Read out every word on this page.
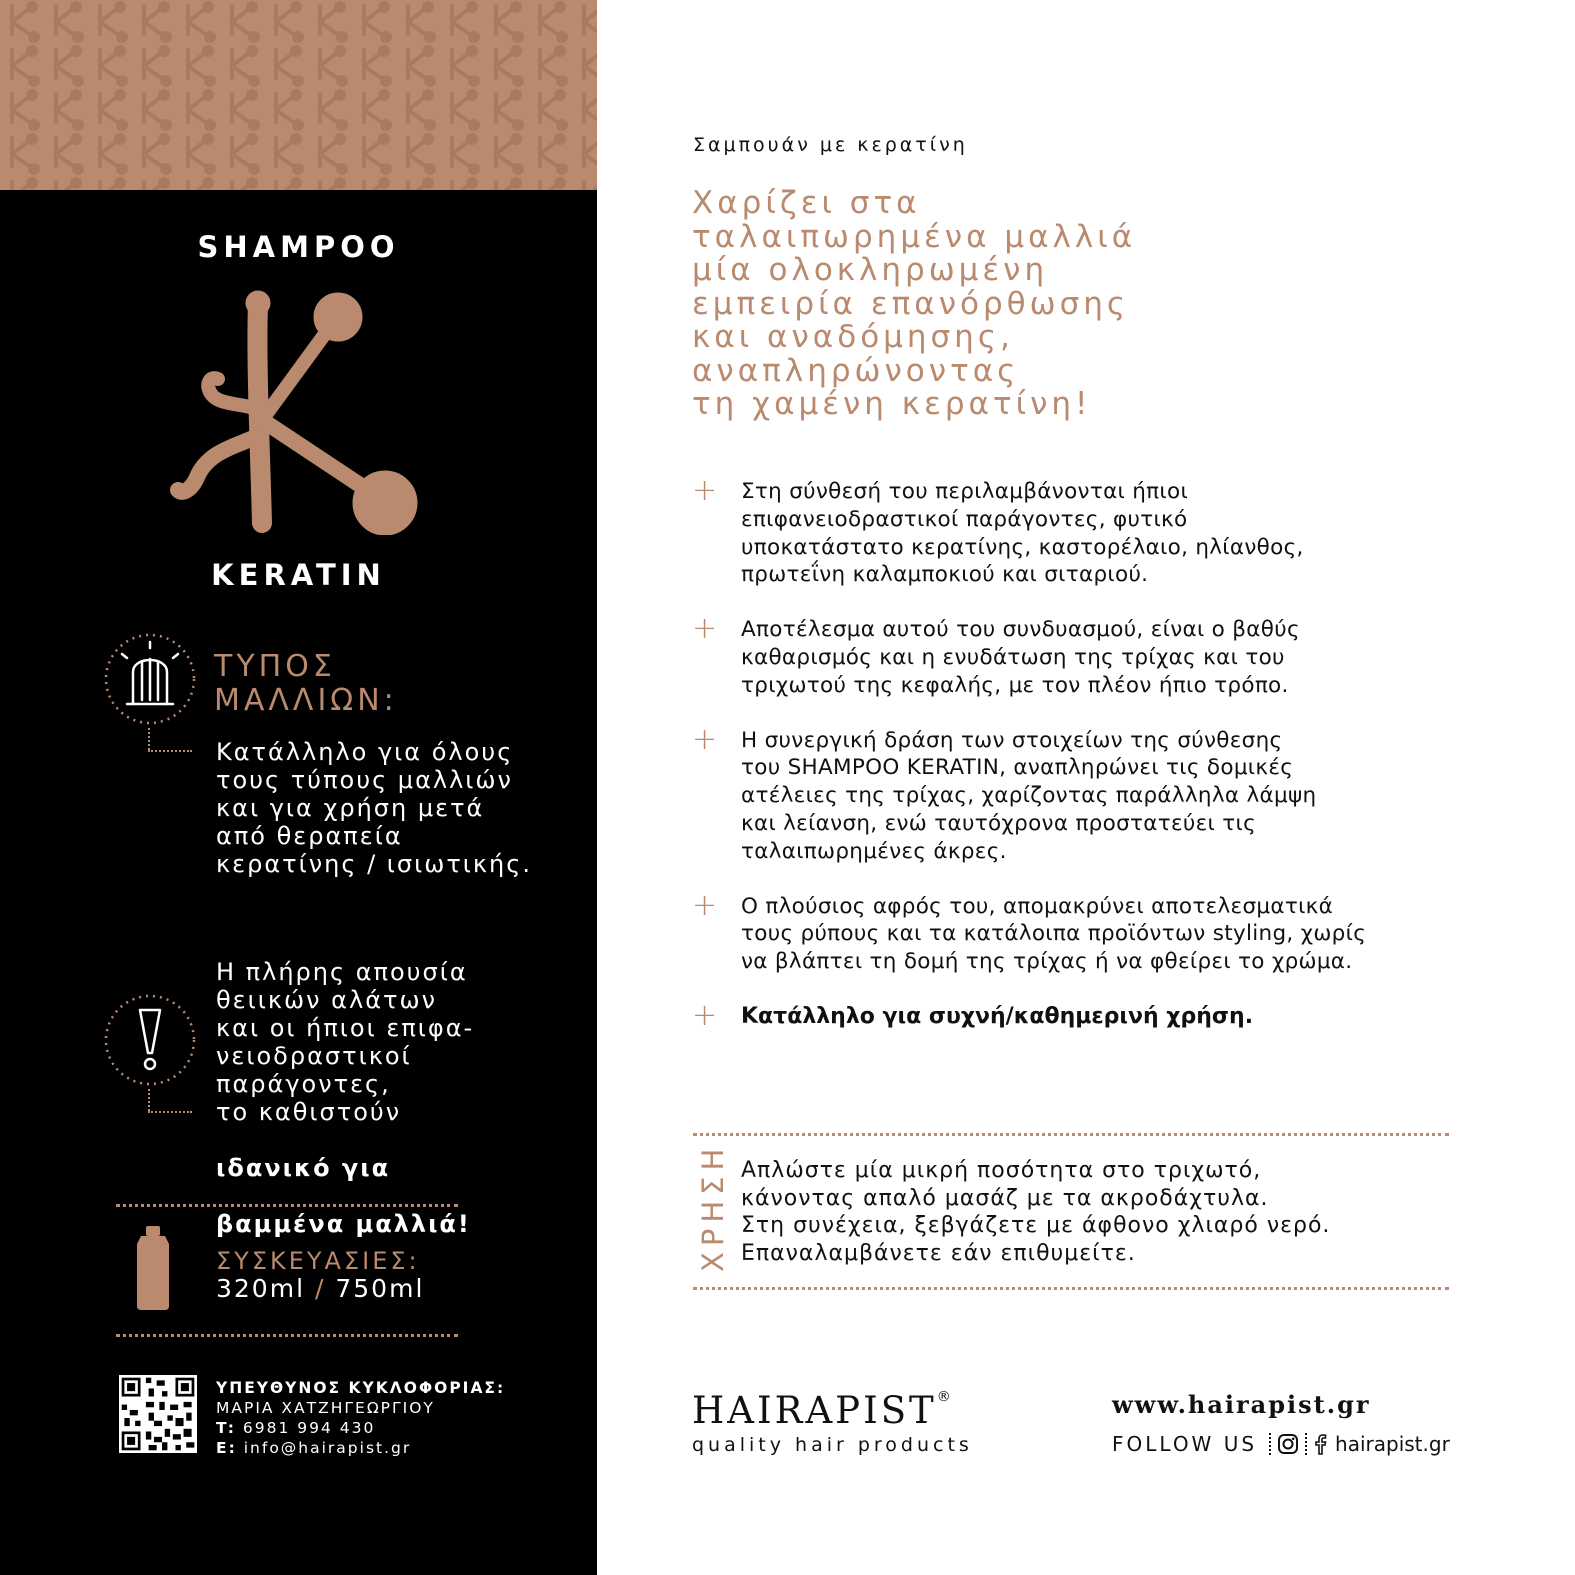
SHAMPOO
KERATIN
ΤΥΠΟΣ
ΜΑΛΛΙΩΝ:
Κατάλληλο για όλους
τους τύπους μαλλιών
και για χρήση μετά
από θεραπεία
κερατίνης / ισιωτικής.

Η πλήρης απουσία
θειικών αλάτων
και οι ήπιοι επιφα-
νειοδραστικοί
παράγοντες,
το καθιστούν

ιδανικό για

βαμμένα μαλλιά!

ΣΥΣΚΕΥΑΣΙΕΣ:
320ml / 750ml
ΥΠΕΥΘΥΝΟΣ ΚΥΚΛΟΦΟΡΙΑΣ:
ΜΑΡΙΑ ΧΑΤΖΗΓΕΩΡΓΙΟΥ
T: 6981 994 430
E: info@hairapist.gr
Σαμπουάν με κερατίνη
Χαρίζει στα
ταλαιπωρημένα μαλλιά
μία ολοκληρωμένη
εμπειρία επανόρθωσης
και αναδόμησης,
αναπληρώνοντας
τη χαμένη κερατίνη!
+	Στη σύνθεσή του περιλαμβάνονται ήπιοι
επιφανειοδραστικοί παράγοντες, φυτικό
υποκατάστατο κερατίνης, καστορέλαιο, ηλίανθος,
πρωτεΐνη καλαμποκιού και σιταριού.
+	Αποτέλεσμα αυτού του συνδυασμού, είναι ο βαθύς
καθαρισμός και η ενυδάτωση της τρίχας και του
τριχωτού της κεφαλής, με τον πλέον ήπιο τρόπο.
+	Η συνεργική δράση των στοιχείων της σύνθεσης
του SHAMPOO KERATIN, αναπληρώνει τις δομικές
ατέλειες της τρίχας, χαρίζοντας παράλληλα λάμψη
και λείανση, ενώ ταυτόχρονα προστατεύει τις
ταλαιπωρημένες άκρες.
+	Ο πλούσιος αφρός του, απομακρύνει αποτελεσματικά
τους ρύπους και τα κατάλοιπα προϊόντων styling, χωρίς
να βλάπτει τη δομή της τρίχας ή να φθείρει το χρώμα.
+	Κατάλληλο για συχνή/καθημερινή χρήση.
ΧΡΗΣΗ Απλώστε μία μικρή ποσότητα στο τριχωτό,
κάνοντας απαλό μασάζ με τα ακροδάχτυλα.
Στη συνέχεια, ξεβγάζετε με άφθονο χλιαρό νερό.
Επαναλαμβάνετε εάν επιθυμείτε.
HAIRAPIST®
quality hair products
www.hairapist.gr
FOLLOW US	hairapist.gr
